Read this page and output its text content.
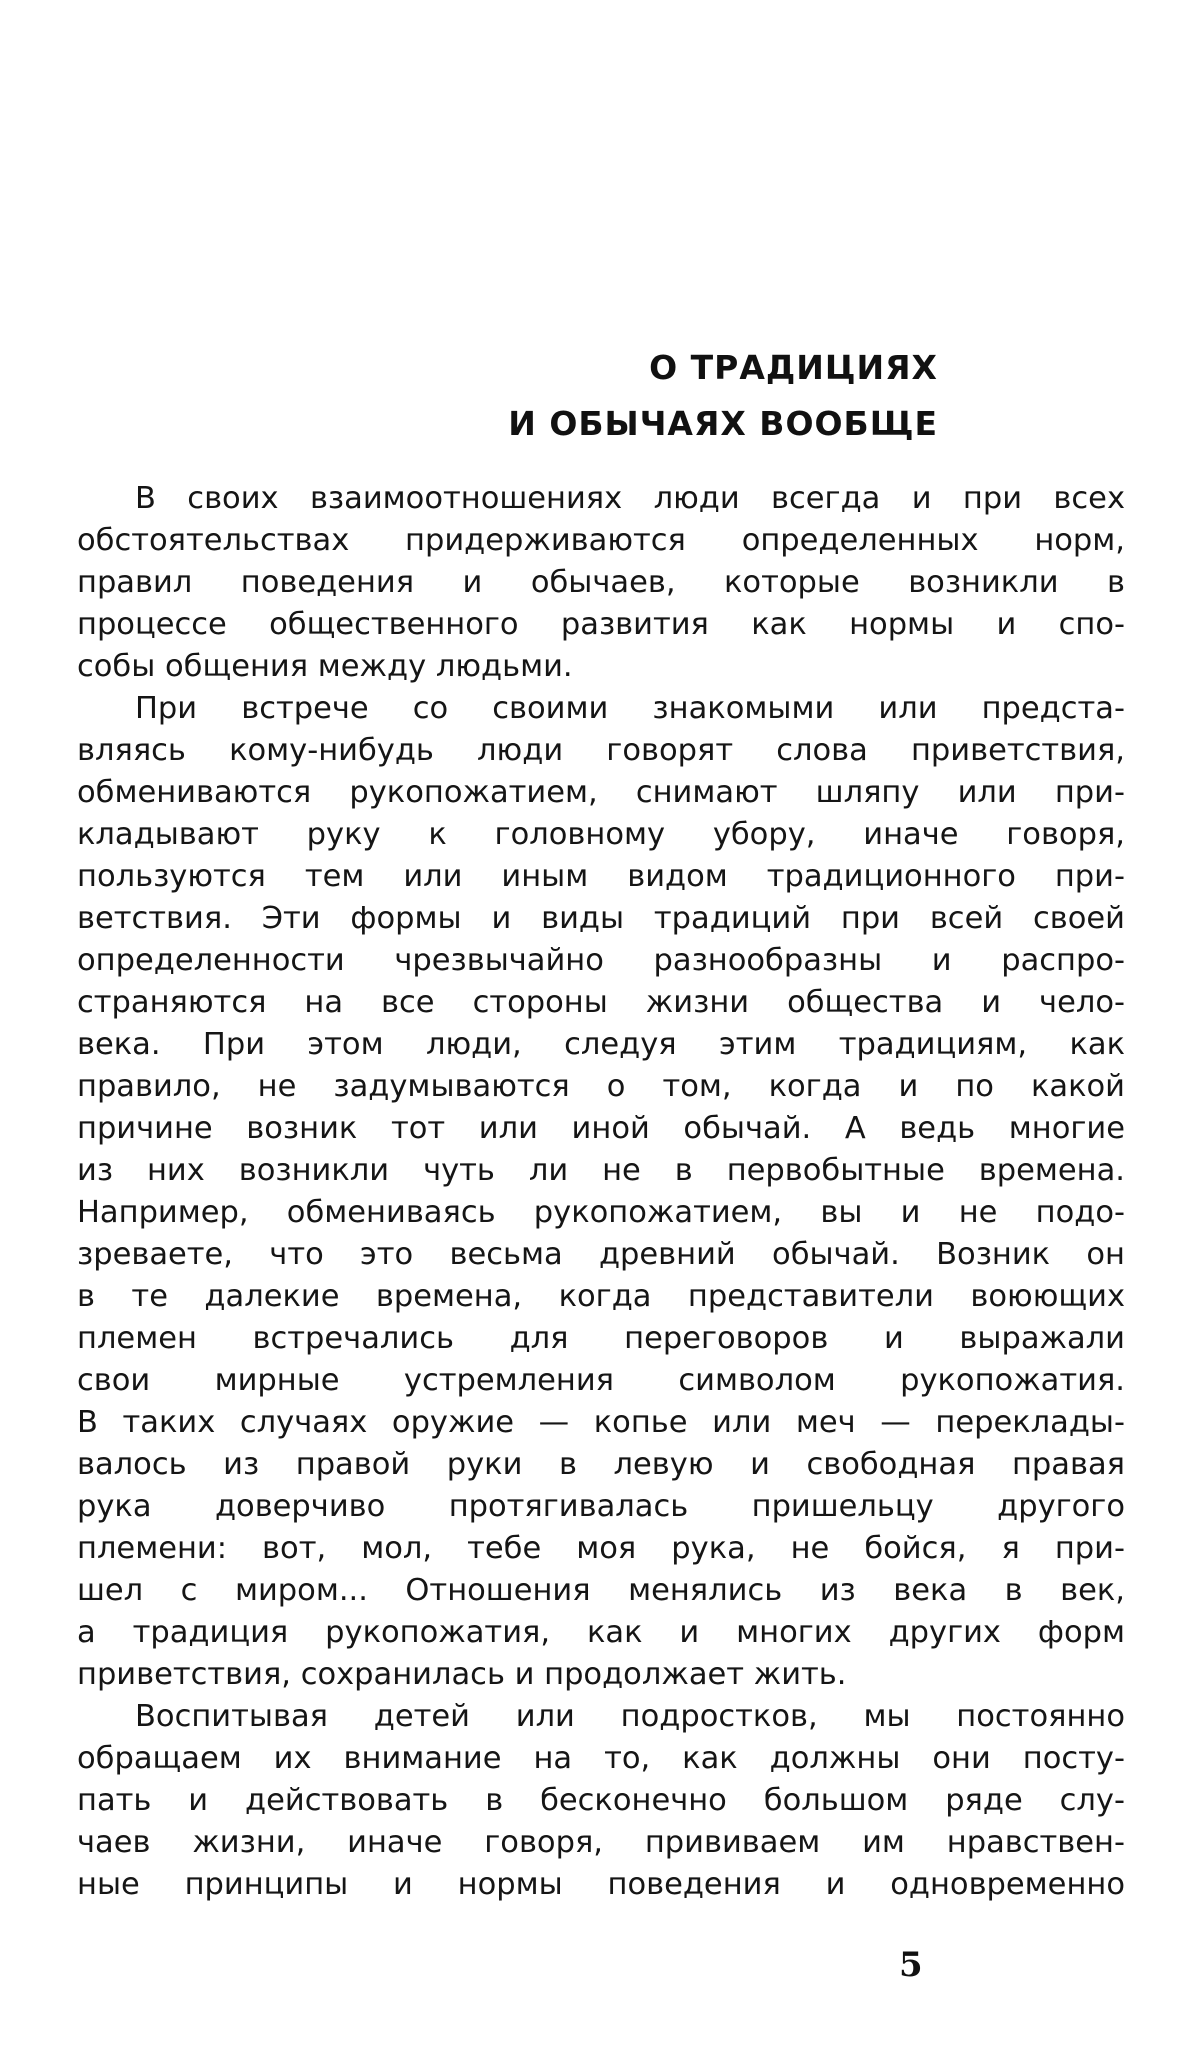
О ТРАДИЦИЯХ
И ОБЫЧАЯХ ВООБЩЕ

В своих взаимоотношениях люди всегда и при всех
обстоятельствах придерживаются определенных норм,
правил поведения и обычаев, которые возникли в
процессе общественного развития как нормы и спо-
собы общения между людьми.

При встрече со своими знакомыми или предста-
вляясь кому-нибудь люди говорят слова приветствия,
обмениваются рукопожатием, снимают шляпу или при-
кладывают руку к головному убору, иначе говоря,
пользуются тем или иным видом традиционного при-
ветствия. Эти формы и виды традиций при всей своей
определенности чрезвычайно разнообразны и распро-
страняются на все стороны жизни общества и чело-
века. При этом люди, следуя этим традициям, как
правило, не задумываются о том, когда и по какой
причине возник тот или иной обычай. А ведь многие
из них возникли чуть ли не в первобытные времена.
Например, обмениваясь рукопожатием, вы и не подо-
зреваете, что это весьма древний обычай. Возник он
в те далекие времена, когда представители воюющих
племен встречались для переговоров и выражали
свои мирные устремления символом рукопожатия.
В таких случаях оружие — копье или меч — переклады-
валось из правой руки в левую и свободная правая
рука доверчиво протягивалась пришельцу другого
племени: вот, мол, тебе моя рука, не бойся, я при-
шел с миром... Отношения менялись из века в век,
а традиция рукопожатия, как и многих других форм
приветствия, сохранилась и продолжает жить.

Воспитывая детей или подростков, мы постоянно
обращаем их внимание на то, как должны они посту-
пать и действовать в бесконечно большом ряде слу-
чаев жизни, иначе говоря, прививаем им нравствен-
ные принципы и нормы поведения и одновременно

5
